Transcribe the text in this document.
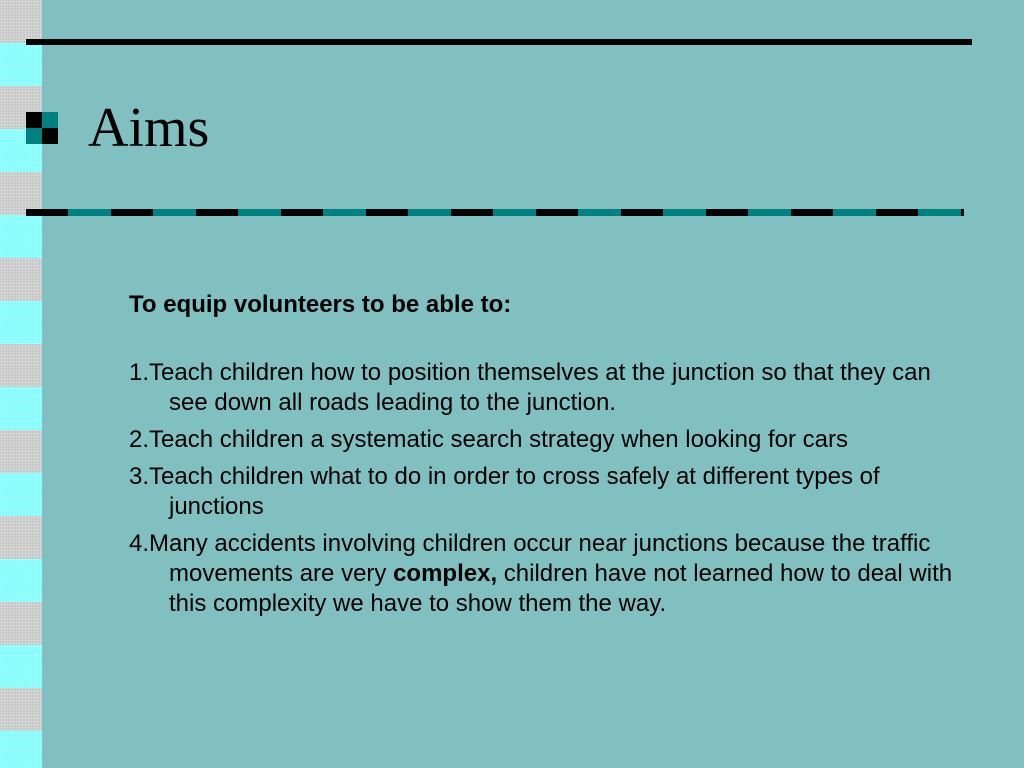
Aims

To equip volunteers to be able to:

1.Teach children how to position themselves at the junction so that they can see down all roads leading to the junction.
2.Teach children a systematic search strategy when looking for cars
3.Teach children what to do in order to cross safely at different types of junctions
4.Many accidents involving children occur near junctions because the traffic movements are very complex, children have not learned how to deal with this complexity we have to show them the way.
